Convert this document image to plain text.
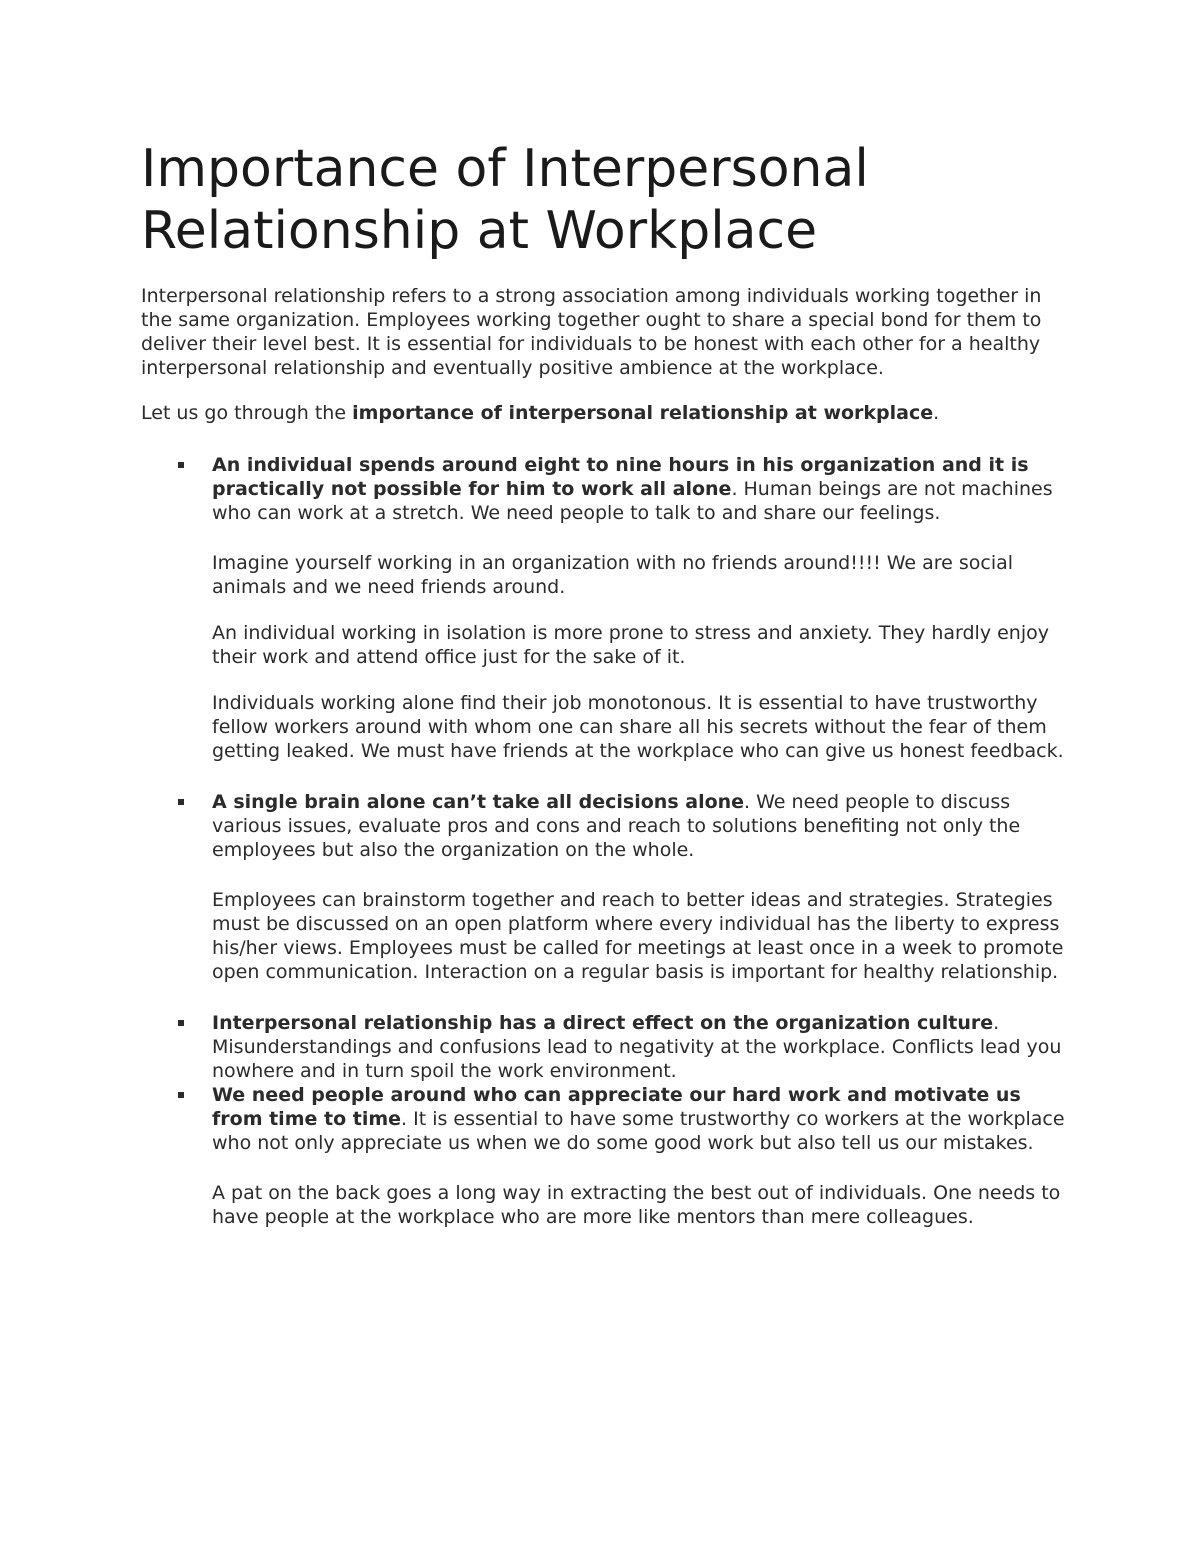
Importance of Interpersonal Relationship at Workplace

Interpersonal relationship refers to a strong association among individuals working together in the same organization. Employees working together ought to share a special bond for them to deliver their level best. It is essential for individuals to be honest with each other for a healthy interpersonal relationship and eventually positive ambience at the workplace.

Let us go through the importance of interpersonal relationship at workplace.

An individual spends around eight to nine hours in his organization and it is practically not possible for him to work all alone. Human beings are not machines who can work at a stretch. We need people to talk to and share our feelings.

Imagine yourself working in an organization with no friends around!!!! We are social animals and we need friends around.

An individual working in isolation is more prone to stress and anxiety. They hardly enjoy their work and attend office just for the sake of it.

Individuals working alone find their job monotonous. It is essential to have trustworthy fellow workers around with whom one can share all his secrets without the fear of them getting leaked. We must have friends at the workplace who can give us honest feedback.

A single brain alone can’t take all decisions alone. We need people to discuss various issues, evaluate pros and cons and reach to solutions benefiting not only the employees but also the organization on the whole.

Employees can brainstorm together and reach to better ideas and strategies. Strategies must be discussed on an open platform where every individual has the liberty to express his/her views. Employees must be called for meetings at least once in a week to promote open communication. Interaction on a regular basis is important for healthy relationship.

Interpersonal relationship has a direct effect on the organization culture. Misunderstandings and confusions lead to negativity at the workplace. Conflicts lead you nowhere and in turn spoil the work environment.

We need people around who can appreciate our hard work and motivate us from time to time. It is essential to have some trustworthy co workers at the workplace who not only appreciate us when we do some good work but also tell us our mistakes.

A pat on the back goes a long way in extracting the best out of individuals. One needs to have people at the workplace who are more like mentors than mere colleagues.
